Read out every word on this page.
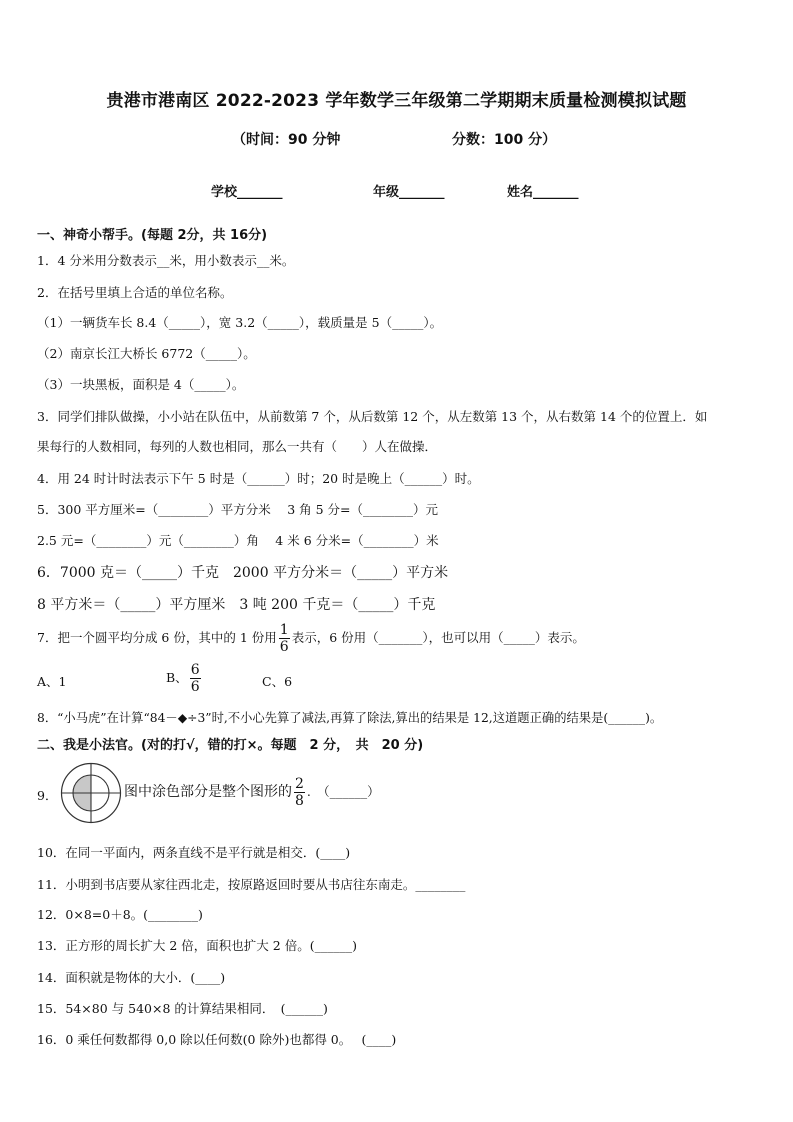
贵港市港南区 2022-2023 学年数学三年级第二学期期末质量检测模拟试题
（时间：90 分钟	分数：100 分）
学校_______	年级_______	姓名_______
一、神奇小帮手。(每题 2分，共 16分)
1．4 分米用分数表示__米，用小数表示__米。
2．在括号里填上合适的单位名称。
（1）一辆货车长 8.4（_____），宽 3.2（_____），载质量是 5（_____）。
（2）南京长江大桥长 6772（_____）。
（3）一块黑板，面积是 4（_____）。
3．同学们排队做操，小小站在队伍中，从前数第 7 个，从后数第 12 个，从左数第 13 个，从右数第 14 个的位置上．如
果每行的人数相同，每列的人数也相同，那么一共有（　　）人在做操．
4．用 24 时计时法表示下午 5 时是（______）时；20 时是晚上（______）时。
5．300 平方厘米=（________）平方分米　 3 角 5 分=（________）元
2.5 元=（________）元（________）角　 4 米 6 分米=（________）米
6．7000 克＝（_____）千克　2000 平方分米＝（_____）平方米
8 平方米＝（_____）平方厘米　3 吨 200 千克＝（_____）千克
7．把一个圆平均分成 6 份，其中的 1 份用 $\frac{1}{6}$ 表示，6 份用（_______），也可以用（_____）表示。
A、1	B、 $\frac{6}{6}$	C、6
8．“小马虎”在计算“84－◆÷3”时,不小心先算了减法,再算了除法,算出的结果是 12,这道题正确的结果是(______)。
二、我是小法官。(对的打√，错的打×。每题　2 分，　共　20 分)
9．	图中涂色部分是整个图形的 $\frac{2}{8}$ .　（______）
10．在同一平面内，两条直线不是平行就是相交．(____)
11．小明到书店要从家往西北走，按原路返回时要从书店往东南走。________
12．0×8=0＋8。(________)
13．正方形的周长扩大 2 倍，面积也扩大 2 倍。(______)
14．面积就是物体的大小．(____)
15．54×80 与 540×8 的计算结果相同．　(______)
16．0 乘任何数都得 0,0 除以任何数(0 除外)也都得 0。　 (____)
